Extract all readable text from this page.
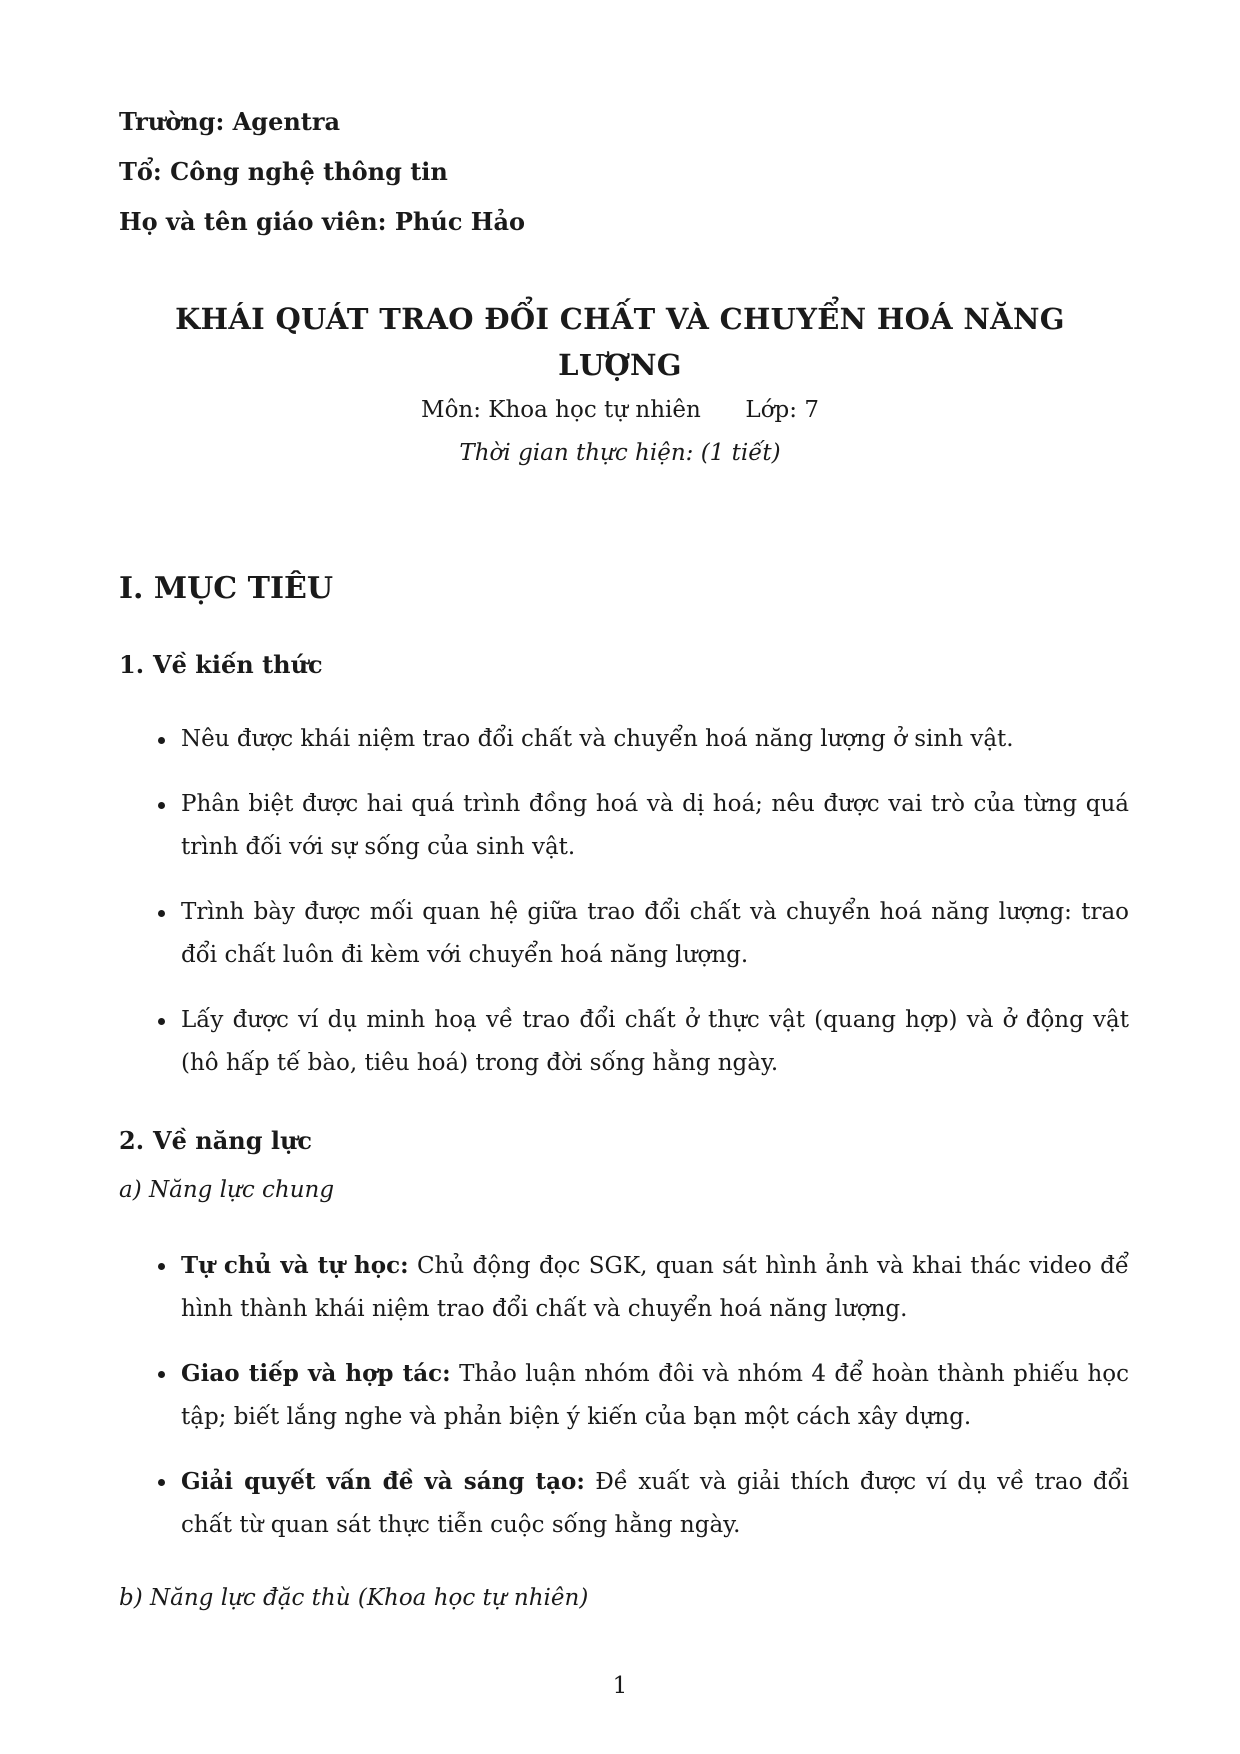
Trường: Agentra
Tổ: Công nghệ thông tin
Họ và tên giáo viên: Phúc Hảo
KHÁI QUÁT TRAO ĐỔI CHẤT VÀ CHUYỂN HOÁ NĂNG LƯỢNG
Môn: Khoa học tự nhiên Lớp: 7
Thời gian thực hiện: (1 tiết)
I. MỤC TIÊU
1. Về kiến thức
Nêu được khái niệm trao đổi chất và chuyển hoá năng lượng ở sinh vật.
Phân biệt được hai quá trình đồng hoá và dị hoá; nêu được vai trò của từng quá trình đối với sự sống của sinh vật.
Trình bày được mối quan hệ giữa trao đổi chất và chuyển hoá năng lượng: trao đổi chất luôn đi kèm với chuyển hoá năng lượng.
Lấy được ví dụ minh hoạ về trao đổi chất ở thực vật (quang hợp) và ở động vật (hô hấp tế bào, tiêu hoá) trong đời sống hằng ngày.
2. Về năng lực
a) Năng lực chung
Tự chủ và tự học: Chủ động đọc SGK, quan sát hình ảnh và khai thác video để hình thành khái niệm trao đổi chất và chuyển hoá năng lượng.
Giao tiếp và hợp tác: Thảo luận nhóm đôi và nhóm 4 để hoàn thành phiếu học tập; biết lắng nghe và phản biện ý kiến của bạn một cách xây dựng.
Giải quyết vấn đề và sáng tạo: Đề xuất và giải thích được ví dụ về trao đổi chất từ quan sát thực tiễn cuộc sống hằng ngày.
b) Năng lực đặc thù (Khoa học tự nhiên)
1
